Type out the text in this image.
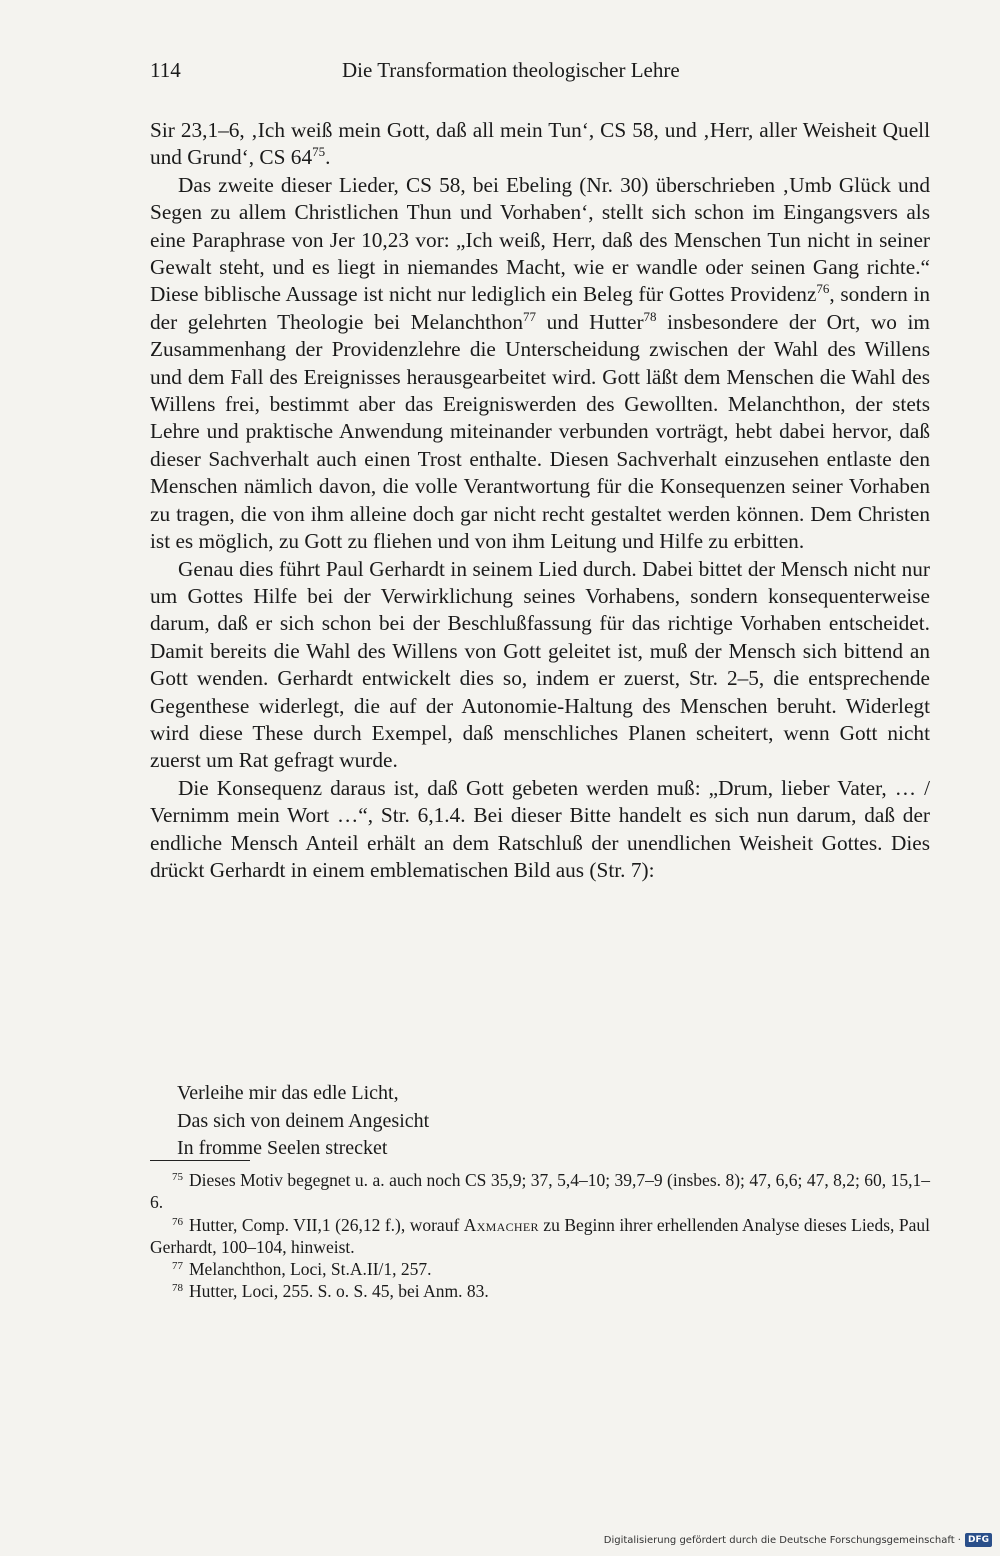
114	Die Transformation theologischer Lehre

Sir 23,1–6, ‚Ich weiß mein Gott, daß all mein Tun‘, CS 58, und ‚Herr, aller Weisheit Quell und Grund‘, CS $64^{75}$.

Das zweite dieser Lieder, CS 58, bei Ebeling (Nr. 30) überschrieben ‚Umb Glück und Segen zu allem Christlichen Thun und Vorhaben‘, stellt sich schon im Eingangsvers als eine Paraphrase von Jer 10,23 vor: „Ich weiß, Herr, daß des Menschen Tun nicht in seiner Gewalt steht, und es liegt in niemandes Macht, wie er wandle oder seinen Gang richte.“ Diese biblische Aussage ist nicht nur lediglich ein Beleg für Gottes Providenz$^{76}$, sondern in der gelehrten Theologie bei Melanchthon$^{77}$ und Hutter$^{78}$ insbesondere der Ort, wo im Zusammenhang der Providenzlehre die Unterscheidung zwischen der Wahl des Willens und dem Fall des Ereignisses herausgearbeitet wird. Gott läßt dem Menschen die Wahl des Willens frei, bestimmt aber das Ereigniswerden des Gewollten. Melanchthon, der stets Lehre und praktische Anwendung miteinander verbunden vorträgt, hebt dabei hervor, daß dieser Sachverhalt auch einen Trost enthalte. Diesen Sachverhalt einzusehen entlaste den Menschen nämlich davon, die volle Verantwortung für die Konsequenzen seiner Vorhaben zu tragen, die von ihm alleine doch gar nicht recht gestaltet werden können. Dem Christen ist es möglich, zu Gott zu fliehen und von ihm Leitung und Hilfe zu erbitten.

Genau dies führt Paul Gerhardt in seinem Lied durch. Dabei bittet der Mensch nicht nur um Gottes Hilfe bei der Verwirklichung seines Vorhabens, sondern konsequenterweise darum, daß er sich schon bei der Beschlußfassung für das richtige Vorhaben entscheidet. Damit bereits die Wahl des Willens von Gott geleitet ist, muß der Mensch sich bittend an Gott wenden. Gerhardt entwickelt dies so, indem er zuerst, Str. 2–5, die entsprechende Gegenthese widerlegt, die auf der Autonomie-Haltung des Menschen beruht. Widerlegt wird diese These durch Exempel, daß menschliches Planen scheitert, wenn Gott nicht zuerst um Rat gefragt wurde.

Die Konsequenz daraus ist, daß Gott gebeten werden muß: „Drum, lieber Vater, … / Vernimm mein Wort …“, Str. 6,1.4. Bei dieser Bitte handelt es sich nun darum, daß der endliche Mensch Anteil erhält an dem Ratschluß der unendlichen Weisheit Gottes. Dies drückt Gerhardt in einem emblematischen Bild aus (Str. 7):

Verleihe mir das edle Licht,
Das sich von deinem Angesicht
In fromme Seelen strecket

$^{75}$ Dieses Motiv begegnet u. a. auch noch CS 35,9; 37, 5,4–10; 39,7–9 (insbes. 8); 47, 6,6; 47, 8,2; 60, 15,1–6.

$^{76}$ Hutter, Comp. VII,1 (26,12 f.), worauf Axmacher zu Beginn ihrer erhellenden Analyse dieses Lieds, Paul Gerhardt, 100–104, hinweist.

$^{77}$ Melanchthon, Loci, St.A.II/1, 257.

$^{78}$ Hutter, Loci, 255. S. o. S. 45, bei Anm. 83.

Digitalisierung gefördert durch die Deutsche Forschungsgemeinschaft · DFG
